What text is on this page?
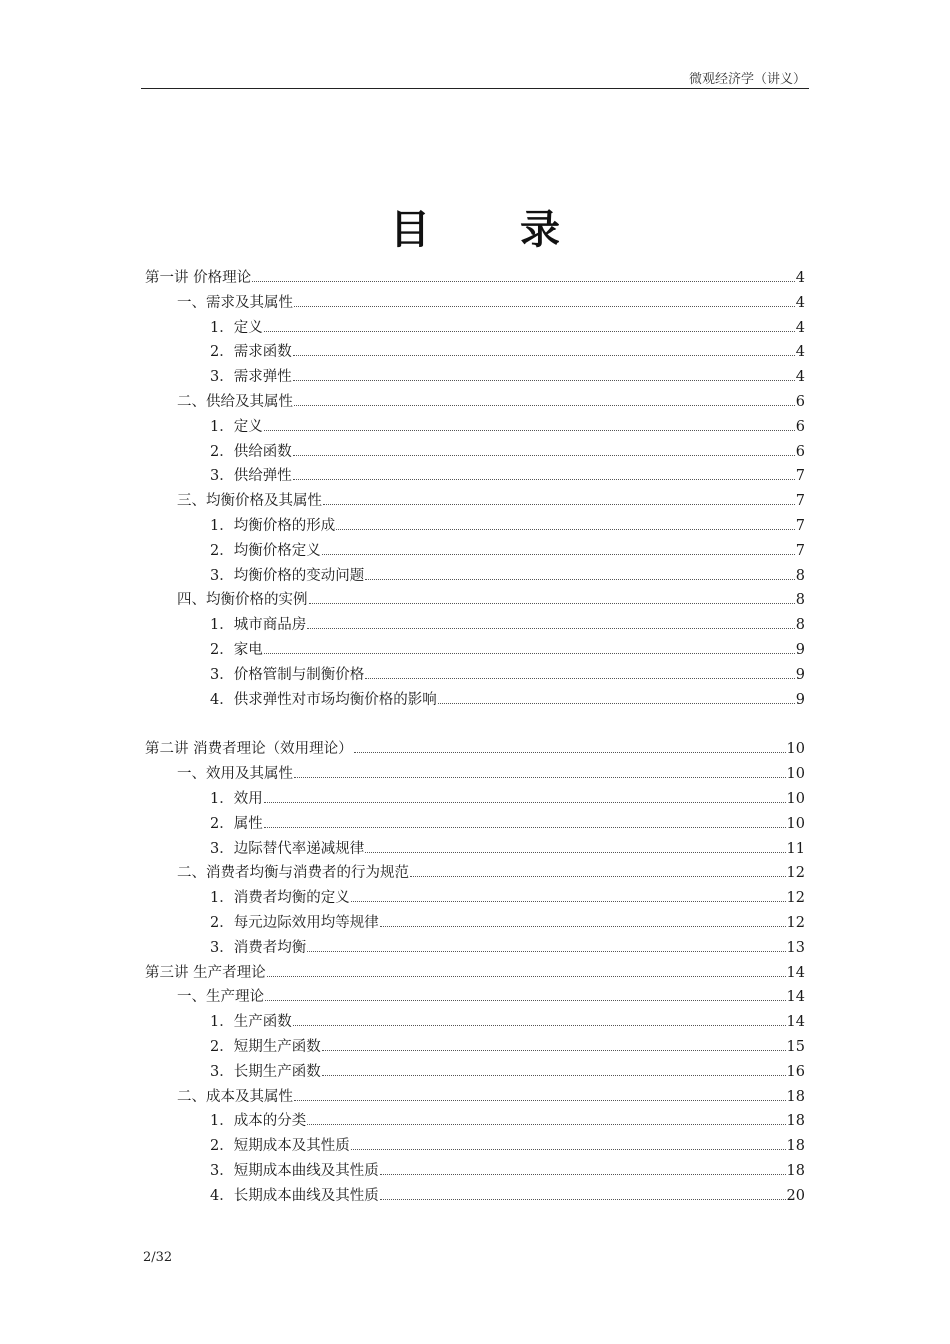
微观经济学（讲义）
目 录
第一讲 价格理论	4
一、需求及其属性	4
1．定义	4
2．需求函数	4
3．需求弹性	4
二、供给及其属性	6
1．定义	6
2．供给函数	6
3．供给弹性	7
三、均衡价格及其属性	7
1．均衡价格的形成	7
2．均衡价格定义	7
3．均衡价格的变动问题	8
四、均衡价格的实例	8
1．城市商品房	8
2．家电	9
3．价格管制与制衡价格	9
4．供求弹性对市场均衡价格的影响	9
第二讲 消费者理论（效用理论）	10
一、效用及其属性	10
1．效用	10
2．属性	10
3．边际替代率递减规律	11
二、消费者均衡与消费者的行为规范	12
1．消费者均衡的定义	12
2．每元边际效用均等规律	12
3．消费者均衡	13
第三讲 生产者理论	14
一、生产理论	14
1．生产函数	14
2．短期生产函数	15
3．长期生产函数	16
二、成本及其属性	18
1．成本的分类	18
2．短期成本及其性质	18
3．短期成本曲线及其性质	18
4．长期成本曲线及其性质	20
2/32
